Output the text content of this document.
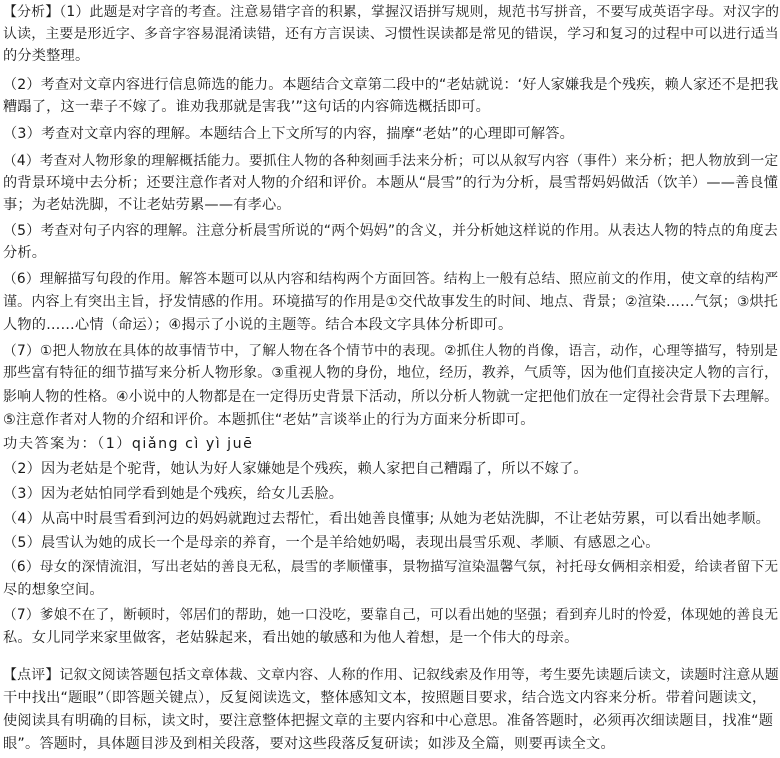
【分析】（1）此题是对字音的考查。注意易错字音的积累，掌握汉语拼写规则，规范书写拼音，不要写成英语字母。对汉字的
认读，主要是形近字、多音字容易混淆读错，还有方言误读、习惯性误读都是常见的错误，学习和复习的过程中可以进行适当
的分类整理。
（2）考查对文章内容进行信息筛选的能力。本题结合文章第二段中的“老姑就说：‘好人家嫌我是个残疾，赖人家还不是把我
糟蹋了，这一辈子不嫁了。谁劝我那就是害我’”这句话的内容筛选概括即可。
（3）考查对文章内容的理解。本题结合上下文所写的内容，揣摩“老姑”的心理即可解答。
（4）考查对人物形象的理解概括能力。要抓住人物的各种刻画手法来分析；可以从叙写内容（事件）来分析；把人物放到一定
的背景环境中去分析；还要注意作者对人物的介绍和评价。本题从“晨雪”的行为分析，晨雪帮妈妈做活（饮羊）——善良懂
事；为老姑洗脚，不让老姑劳累——有孝心。
（5）考查对句子内容的理解。注意分析晨雪所说的“两个妈妈”的含义，并分析她这样说的作用。从表达人物的特点的角度去
分析。
（6）理解描写句段的作用。解答本题可以从内容和结构两个方面回答。结构上一般有总结、照应前文的作用，使文章的结构严
谨。内容上有突出主旨，抒发情感的作用。环境描写的作用是①交代故事发生的时间、地点、背景；②渲染……气氛；③烘托
人物的……心情（命运）；④揭示了小说的主题等。结合本段文字具体分析即可。
（7）①把人物放在具体的故事情节中，了解人物在各个情节中的表现。②抓住人物的肖像，语言，动作，心理等描写，特别是
那些富有特征的细节描写来分析人物形象。③重视人物的身份，地位，经历，教养，气质等，因为他们直接决定人物的言行，
影响人物的性格。④小说中的人物都是在一定得历史背景下活动，所以分析人物就一定把他们放在一定得社会背景下去理解。
⑤注意作者对人物的介绍和评价。本题抓住“老姑”言谈举止的行为方面来分析即可。
功夫答案为：（1）qiǎng cì yì juē
（2）因为老姑是个驼背，她认为好人家嫌她是个残疾，赖人家把自己糟蹋了，所以不嫁了。
（3）因为老姑怕同学看到她是个残疾，给女儿丢脸。
（4）从高中时晨雪看到河边的妈妈就跑过去帮忙，看出她善良懂事; 从她为老姑洗脚，不让老姑劳累，可以看出她孝顺。
（5）晨雪认为她的成长一个是母亲的养育，一个是羊给她奶喝，表现出晨雪乐观、孝顺、有感恩之心。
（6）母女的深情流泪，写出老姑的善良无私，晨雪的孝顺懂事，景物描写渲染温馨气氛，衬托母女俩相亲相爱，给读者留下无
尽的想象空间。
（7）爹娘不在了，断顿时，邻居们的帮助，她一口没吃，要靠自己，可以看出她的坚强；看到弃儿时的怜爱，体现她的善良无
私。女儿同学来家里做客，老姑躲起来，看出她的敏感和为他人着想，是一个伟大的母亲。
【点评】记叙文阅读答题包括文章体裁、文章内容、人称的作用、记叙线索及作用等，考生要先读题后读文，读题时注意从题
干中找出“题眼”（即答题关键点），反复阅读选文，整体感知文本，按照题目要求，结合选文内容来分析。带着问题读文，
使阅读具有明确的目标，读文时，要注意整体把握文章的主要内容和中心意思。准备答题时，必须再次细读题目，找准“题
眼”。答题时，具体题目涉及到相关段落，要对这些段落反复研读；如涉及全篇，则要再读全文。
